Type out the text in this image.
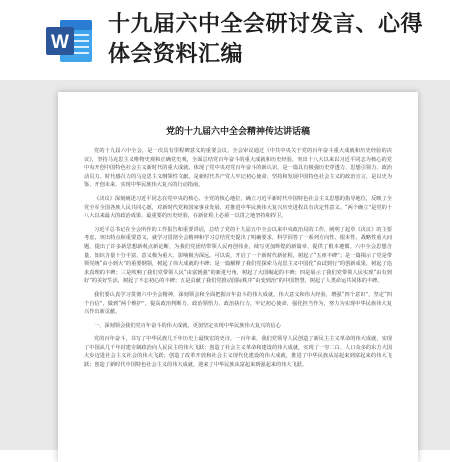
W
十九届六中全会研讨发言、心得体会资料汇编
党的十九届六中全会精神传达讲话稿

党的十九届六中全会，是一次具有里程碑意义的重要会议。全会审议通过《中共中央关于党的百年奋斗重大成就和历史经验的决议》，坚持马克思主义唯物史观和正确党史观，全面总结党百年奋斗的重大成就和历史经验，突出十八大以来以习近平同志为核心的党中央开创中国特色社会主义新时代的重大成就，体现了党中央对党百年奋斗的新认识，是一篇具有极强历史穿透力、思想引领力、政治动员力、时代感召力的马克思主义纲领性文献。是新时代共产党人牢记初心使命、坚持和发展中国特色社会主义的政治宣言，是以史为鉴、开创未来、实现中华民族伟大复兴的行动指南。

《决议》深刻阐述习近平同志在党中央的核心、全党的核心地位，确立习近平新时代中国特色社会主义思想的指导地位，反映了全党全军全国各族人民共同心愿，对新时代党和国家事业发展、对推进中华民族伟大复兴历史进程具有决定性意义。“两个确立”是党的十八大以来最大的政治成果、最重要的历史经验，在新征程上必须一以贯之地坚持和捍卫。

习近平总书记在全会所作的工作报告和重要讲话，总结了党的十九届五中全会以来中央政治局的工作，阐明了起草《决议》的主要考虑，突出特点和重要意义，就学习贯彻全会精神和学习总结党史提出了明确要求，科学回答了一系列方向性、根本性、战略性重大问题，提出了许多新思想新观点新论断，为我们党团结带领人民再创伟业，续写更加辉煌的新篇章，提供了根本遵循。六中全会思想含量、知识含量十分丰富，意义极为重大、影响极为深远。可以说，开启了一个新时代新征程，树起了“五座丰碑”；是一篇揭示了党是带领党统“由小到大”的重要纲领，树起了伟大成就的丰碑；是一篇解释了我们党探索马克思主义中国化“由试到行”的创新成果，树起了追求真理的丰碑；三是吹响了我们党带领人民“由富到强”的新进号角，树起了大国崛起的丰碑；四是展示了我们党带领人民实现“由有到好”的美好生活，树起了不忘初心的丰碑；五是贡献了我们党推动国际秩序“由变到治”的中国智慧，树起了人类命运共同体的丰碑。

我们要认真学习贯彻六中全会精神，深刻领会和全面把握百年奋斗的伟大成就，伟大意义和伟大经验，增强“四个意识”，坚定“四个自信”，做到“两个维护”，提高政治判断力、政治领悟力、政治执行力，牢记初心使命，强化担当作为，努力为实现中华民族伟大复兴作出新贡献。

一、深刻领会我们党百年奋斗的伟大成就，更加坚定实现中华民族伟大复兴的信心

党的百年奋斗，书写了中华民族几千年历史上最恢宏的史诗。一百年来，我们党领导人民创造了新民主主义革命的伟大成就，实现了中国从几千年封建专制政治向人民民主的伟大飞跃；创造了社会主义革命和建设的伟大成就，实现了一穷二白、人口众多的东方大国大步迈进社会主义社会的伟大飞跃；创造了改革开放和社会主义现代化建设的伟大成就，推进了中华民族从站起来到富起来的伟大飞跃；创造了新时代中国特色社会主义的伟大成就，迎来了中华民族从富起来到强起来的伟大飞跃。
